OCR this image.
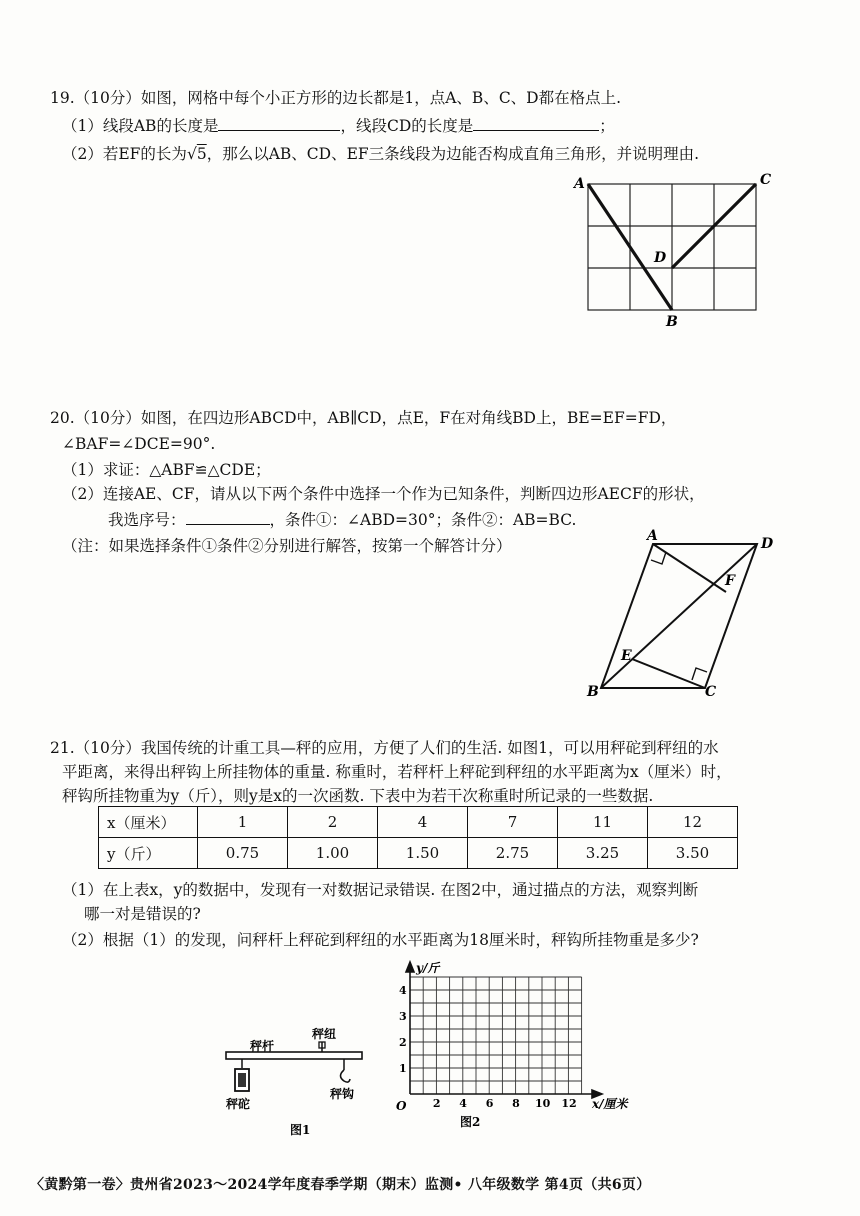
19.（10分）如图，网格中每个小正方形的边长都是1，点A、B、C、D都在格点上.
（1）线段AB的长度是	，线段CD的长度是	；
（2）若EF的长为√5，那么以AB、CD、EF三条线段为边能否构成直角三角形，并说明理由.
A	C
D
B
20.（10分）如图，在四边形ABCD中，AB∥CD，点E，F在对角线BD上，BE=EF=FD，
∠BAF=∠DCE=90°.
（1）求证：△ABF≌△CDE；
（2）连接AE、CF，请从以下两个条件中选择一个作为已知条件，判断四边形AECF的形状，
我选序号：	，条件①：∠ABD=30°；条件②：AB=BC.
（注：如果选择条件①条件②分别进行解答，按第一个解答计分）
A	D
F
E
B	C
21.（10分）我国传统的计重工具—秤的应用，方便了人们的生活. 如图1，可以用秤砣到秤纽的水
平距离，来得出秤钩上所挂物体的重量. 称重时，若秤杆上秤砣到秤纽的水平距离为x（厘米）时，
秤钩所挂物重为y（斤），则y是x的一次函数. 下表中为若干次称重时所记录的一些数据.
x（厘米）	1	2	4	7	11	12
y（斤）	0.75	1.00	1.50	2.75	3.25	3.50
（1）在上表x，y的数据中，发现有一对数据记录错误. 在图2中，通过描点的方法，观察判断
哪一对是错误的?
（2）根据（1）的发现，问秤杆上秤砣到秤纽的水平距离为18厘米时，秤钩所挂物重是多少?
秤杆
秤纽
秤砣
秤钩
图1
2 4 6 8 10 12
1
2
3
4
y/斤
x/厘米
O
图2
〈黄黔第一卷〉贵州省2023～2024学年度春季学期（期末）监测• 八年级数学 第4页（共6页）
